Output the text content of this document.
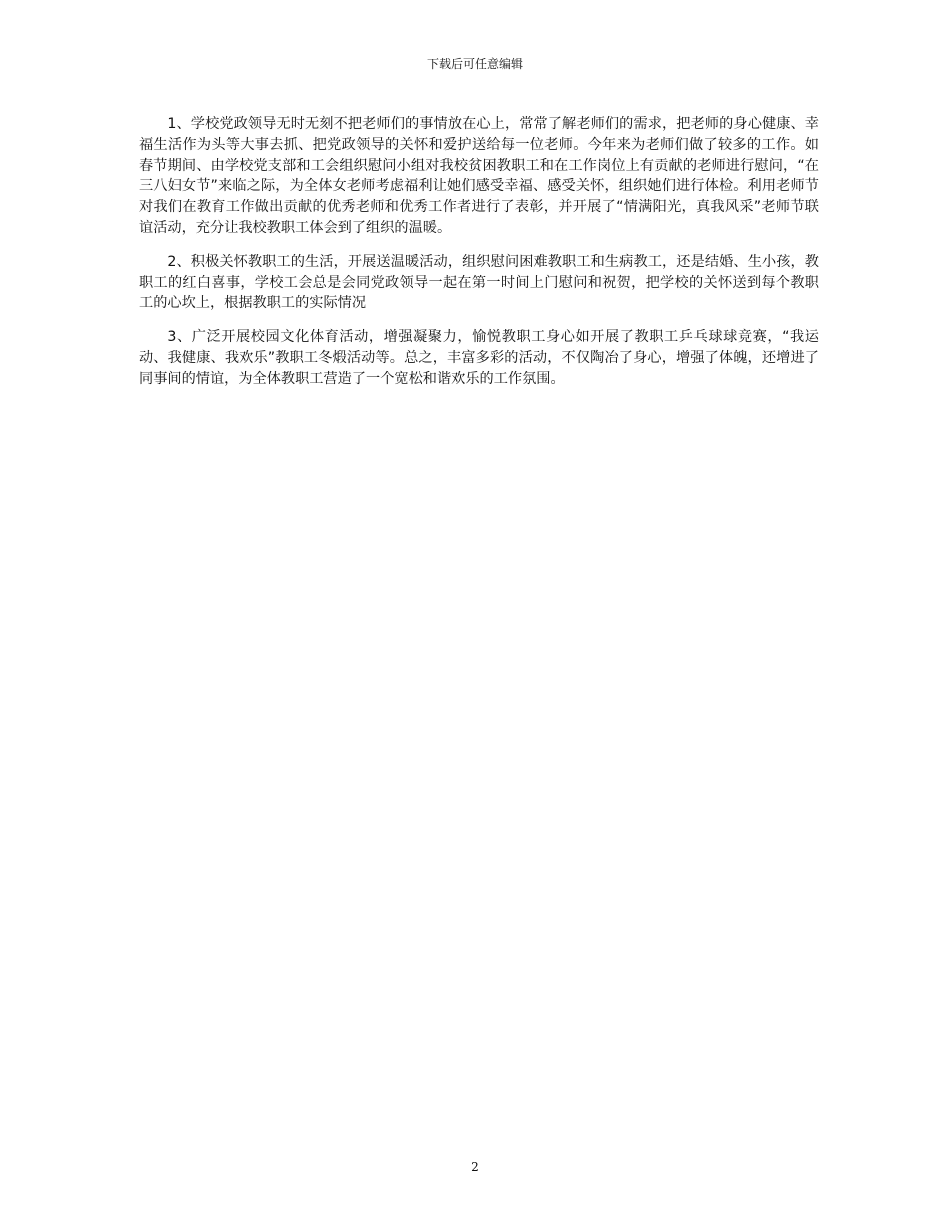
下载后可任意编辑

1、学校党政领导无时无刻不把老师们的事情放在心上，常常了解老师们的需求，把老师的身心健康、幸福生活作为头等大事去抓、把党政领导的关怀和爱护送给每一位老师。今年来为老师们做了较多的工作。如春节期间、由学校党支部和工会组织慰问小组对我校贫困教职工和在工作岗位上有贡献的老师进行慰问，“在三八妇女节”来临之际，为全体女老师考虑福利让她们感受幸福、感受关怀，组织她们进行体检。利用老师节对我们在教育工作做出贡献的优秀老师和优秀工作者进行了表彰，并开展了“情满阳光，真我风采”老师节联谊活动，充分让我校教职工体会到了组织的温暖。

2、积极关怀教职工的生活，开展送温暖活动，组织慰问困难教职工和生病教工，还是结婚、生小孩，教职工的红白喜事，学校工会总是会同党政领导一起在第一时间上门慰问和祝贺，把学校的关怀送到每个教职工的心坎上，根据教职工的实际情况

3、广泛开展校园文化体育活动，增强凝聚力，愉悦教职工身心如开展了教职工乒乓球球竞赛，“我运动、我健康、我欢乐”教职工冬煅活动等。总之，丰富多彩的活动，不仅陶冶了身心，增强了体魄，还增进了同事间的情谊，为全体教职工营造了一个宽松和谐欢乐的工作氛围。

2
